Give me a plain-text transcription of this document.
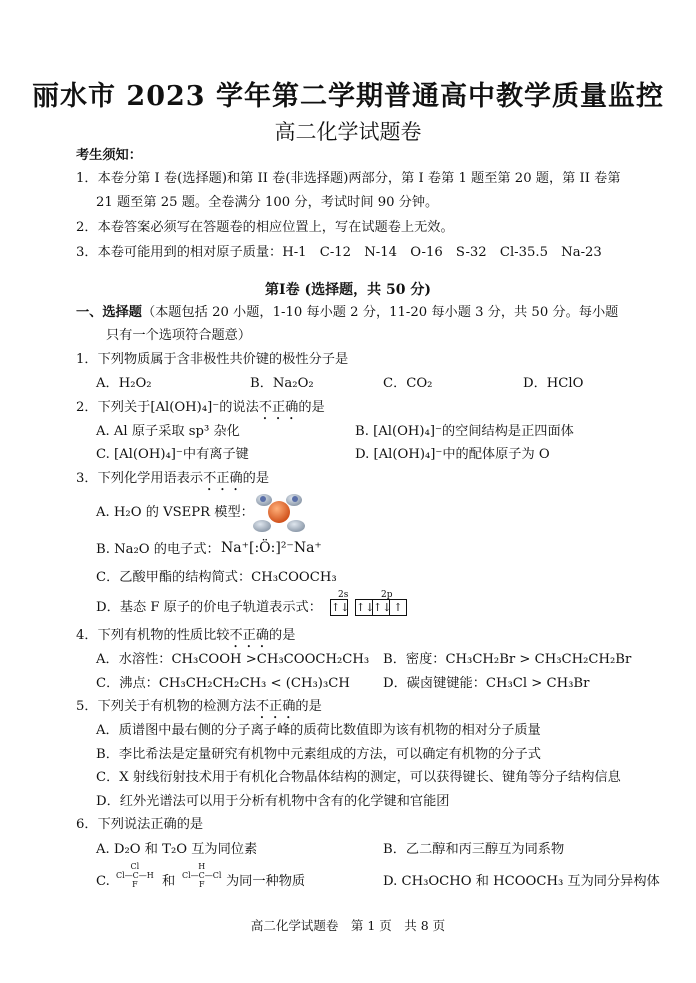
丽水市 2023 学年第二学期普通高中教学质量监控
高二化学试题卷
考生须知：
1．本卷分第 I 卷(选择题)和第 II 卷(非选择题)两部分，第 I 卷第 1 题至第 20 题，第 II 卷第
21 题至第 25 题。全卷满分 100 分，考试时间 90 分钟。
2．本卷答案必须写在答题卷的相应位置上，写在试题卷上无效。
3．本卷可能用到的相对原子质量：H-1　C-12　N-14　O-16　S-32　Cl-35.5　Na-23
第Ⅰ卷 (选择题，共 50 分)
一、选择题（本题包括 20 小题，1-10 每小题 2 分，11-20 每小题 3 分，共 50 分。每小题
只有一个选项符合题意）
1．下列物质属于含非极性共价键的极性分子是
A．H₂O₂	B．Na₂O₂	C．CO₂	D．HClO
2．下列关于[Al(OH)₄]⁻的说法不正确的是
A. Al 原子采取 sp³ 杂化	B. [Al(OH)₄]⁻的空间结构是正四面体
C. [Al(OH)₄]⁻中有离子键	D. [Al(OH)₄]⁻中的配体原子为 O
3．下列化学用语表示不正确的是
A. H₂O 的 VSEPR 模型：
B. Na₂O 的电子式： Na⁺[:Ö:]²⁻Na⁺
C．乙酸甲酯的结构简式：CH₃COOCH₃
D．基态 F 原子的价电子轨道表示式：
2s	2p
↑↓ ↑↓
↑↓ ↑
4．下列有机物的性质比较不正确的是
A．水溶性：CH₃COOH >CH₃COOCH₂CH₃ B．密度：CH₃CH₂Br > CH₃CH₂CH₂Br
C．沸点：CH₃CH₂CH₂CH₃ < (CH₃)₃CH	D．碳卤键键能：CH₃Cl > CH₃Br
5．下列关于有机物的检测方法不正确的是
A．质谱图中最右侧的分子离子峰的质荷比数值即为该有机物的相对分子质量
B．李比希法是定量研究有机物中元素组成的方法，可以确定有机物的分子式
C．X 射线衍射技术用于有机化合物晶体结构的测定，可以获得键长、键角等分子结构信息
D．红外光谱法可以用于分析有机物中含有的化学键和官能团
6．下列说法正确的是
A. D₂O 和 T₂O 互为同位素	B．乙二醇和丙三醇互为同系物
C.
Cl
Cl—C—H
F	和
H
Cl—C—Cl
F	为同一种物质	D. CH₃OCHO 和 HCOOCH₃ 互为同分异构体
高二化学试题卷　第 1 页　共 8 页
